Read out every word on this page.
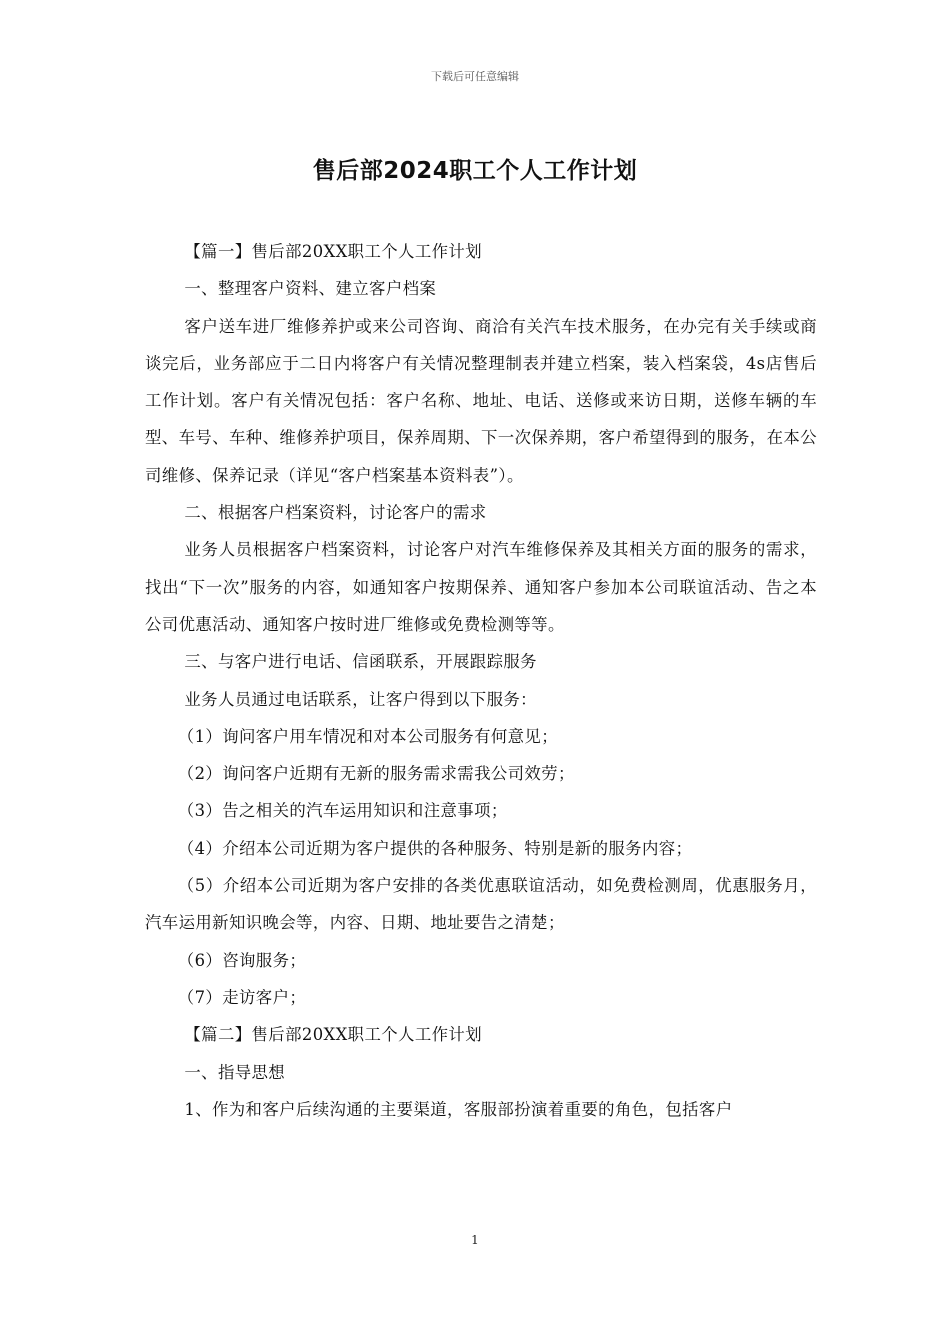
下载后可任意编辑
售后部2024职工个人工作计划

【篇一】售后部20XX职工个人工作计划

一、整理客户资料、建立客户档案

客户送车进厂维修养护或来公司咨询、商洽有关汽车技术服务，在办完有关手续或商谈完后，业务部应于二日内将客户有关情况整理制表并建立档案，装入档案袋，4s店售后工作计划。客户有关情况包括：客户名称、地址、电话、送修或来访日期，送修车辆的车型、车号、车种、维修养护项目，保养周期、下一次保养期，客户希望得到的服务，在本公司维修、保养记录（详见“客户档案基本资料表”）。

二、根据客户档案资料，讨论客户的需求

业务人员根据客户档案资料，讨论客户对汽车维修保养及其相关方面的服务的需求，找出“下一次”服务的内容，如通知客户按期保养、通知客户参加本公司联谊活动、告之本公司优惠活动、通知客户按时进厂维修或免费检测等等。

三、与客户进行电话、信函联系，开展跟踪服务

业务人员通过电话联系，让客户得到以下服务：

（1）询问客户用车情况和对本公司服务有何意见；

（2）询问客户近期有无新的服务需求需我公司效劳；

（3）告之相关的汽车运用知识和注意事项；

（4）介绍本公司近期为客户提供的各种服务、特别是新的服务内容；

（5）介绍本公司近期为客户安排的各类优惠联谊活动，如免费检测周，优惠服务月，汽车运用新知识晚会等，内容、日期、地址要告之清楚；

（6）咨询服务；

（7）走访客户；

【篇二】售后部20XX职工个人工作计划

一、指导思想

1、作为和客户后续沟通的主要渠道，客服部扮演着重要的角色，包括客户

1
